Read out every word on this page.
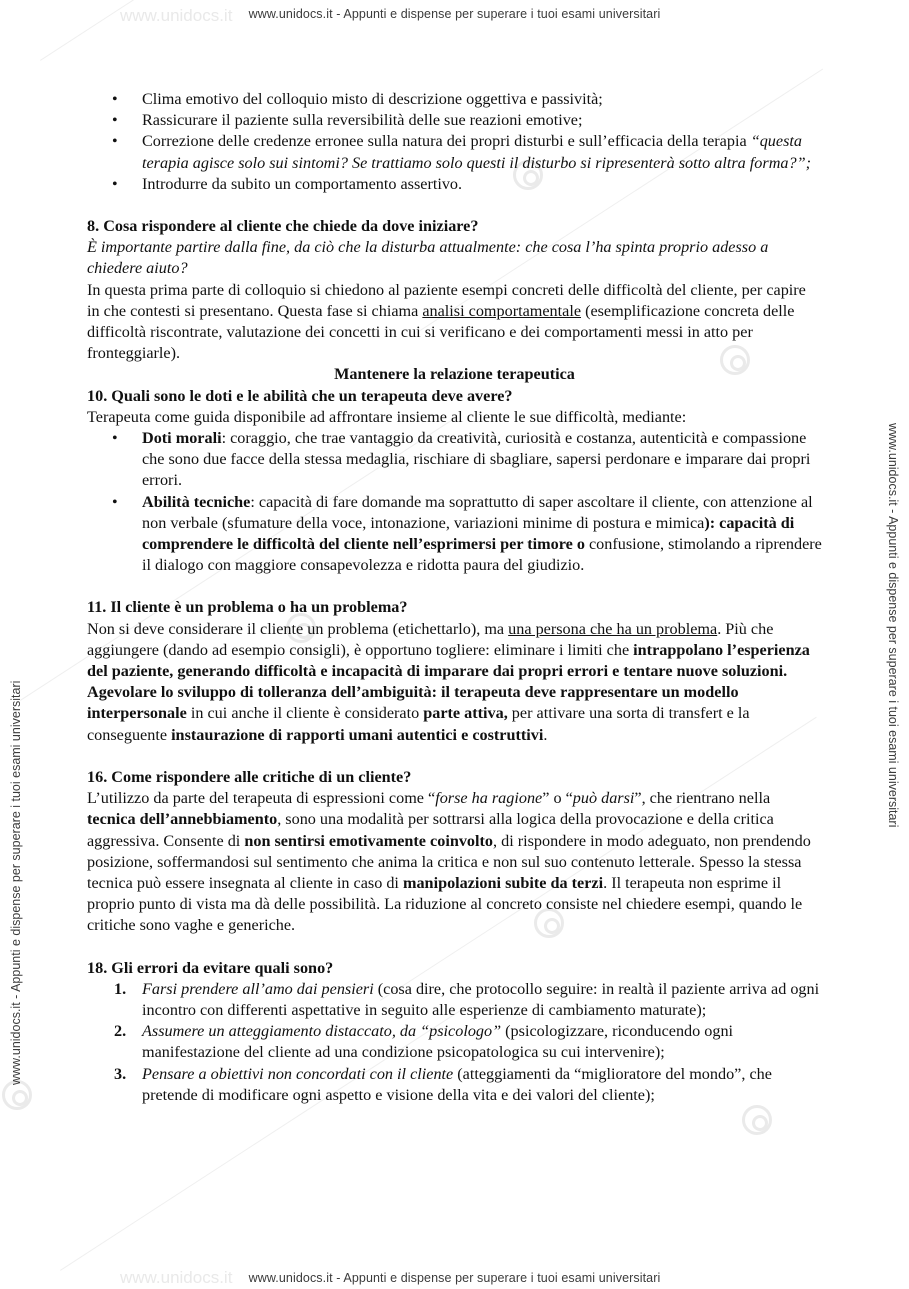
www.unidocs.it
www.unidocs.it
www.unidocs.it - Appunti e dispense per superare i tuoi esami universitari
www.unidocs.it - Appunti e dispense per superare i tuoi esami universitari
www.unidocs.it - Appunti e dispense per superare i tuoi esami universitari
www.unidocs.it - Appunti e dispense per superare i tuoi esami universitari
• Clima emotivo del colloquio misto di descrizione oggettiva e passività;
• Rassicurare il paziente sulla reversibilità delle sue reazioni emotive;
• Correzione delle credenze erronee sulla natura dei propri disturbi e sull’efficacia della terapia “questa terapia agisce solo sui sintomi? Se trattiamo solo questi il disturbo si ripresenterà sotto altra forma?”;
• Introdurre da subito un comportamento assertivo.
8. Cosa rispondere al cliente che chiede da dove iniziare?

È importante partire dalla fine, da ciò che la disturba attualmente: che cosa l’ha spinta proprio adesso a chiedere aiuto?

In questa prima parte di colloquio si chiedono al paziente esempi concreti delle difficoltà del cliente, per capire in che contesti si presentano. Questa fase si chiama analisi comportamentale (esemplificazione concreta delle difficoltà riscontrate, valutazione dei concetti in cui si verificano e dei comportamenti messi in atto per fronteggiarle).

Mantenere la relazione terapeutica

10. Quali sono le doti e le abilità che un terapeuta deve avere?

Terapeuta come guida disponibile ad affrontare insieme al cliente le sue difficoltà, mediante:

• Doti morali: coraggio, che trae vantaggio da creatività, curiosità e costanza, autenticità e compassione che sono due facce della stessa medaglia, rischiare di sbagliare, sapersi perdonare e imparare dai propri errori.
• Abilità tecniche: capacità di fare domande ma soprattutto di saper ascoltare il cliente, con attenzione al non verbale (sfumature della voce, intonazione, variazioni minime di postura e mimica): capacità di comprendere le difficoltà del cliente nell’esprimersi per timore o confusione, stimolando a riprendere il dialogo con maggiore consapevolezza e ridotta paura del giudizio.
11. Il cliente è un problema o ha un problema?

Non si deve considerare il cliente un problema (etichettarlo), ma una persona che ha un problema. Più che aggiungere (dando ad esempio consigli), è opportuno togliere: eliminare i limiti che intrappolano l’esperienza del paziente, generando difficoltà e incapacità di imparare dai propri errori e tentare nuove soluzioni. Agevolare lo sviluppo di tolleranza dell’ambiguità: il terapeuta deve rappresentare un modello
interpersonale in cui anche il cliente è considerato parte attiva, per attivare una sorta di transfert e la conseguente instaurazione di rapporti umani autentici e costruttivi.

16. Come rispondere alle critiche di un cliente?

L’utilizzo da parte del terapeuta di espressioni come “forse ha ragione” o “può darsi”, che rientrano nella tecnica dell’annebbiamento, sono una modalità per sottrarsi alla logica della provocazione e della critica aggressiva. Consente di non sentirsi emotivamente coinvolto, di rispondere in modo adeguato, non prendendo posizione, soffermandosi sul sentimento che anima la critica e non sul suo contenuto letterale. Spesso la stessa tecnica può essere insegnata al cliente in caso di manipolazioni subite da terzi. Il terapeuta non esprime il proprio punto di vista ma dà delle possibilità. La riduzione al concreto consiste nel chiedere esempi, quando le critiche sono vaghe e generiche.

18. Gli errori da evitare quali sono?
1. Farsi prendere all’amo dai pensieri (cosa dire, che protocollo seguire: in realtà il paziente arriva ad ogni incontro con differenti aspettative in seguito alle esperienze di cambiamento maturate);
2. Assumere un atteggiamento distaccato, da “psicologo” (psicologizzare, riconducendo ogni manifestazione del cliente ad una condizione psicopatologica su cui intervenire);
3. Pensare a obiettivi non concordati con il cliente (atteggiamenti da “miglioratore del mondo”, che pretende di modificare ogni aspetto e visione della vita e dei valori del cliente);
